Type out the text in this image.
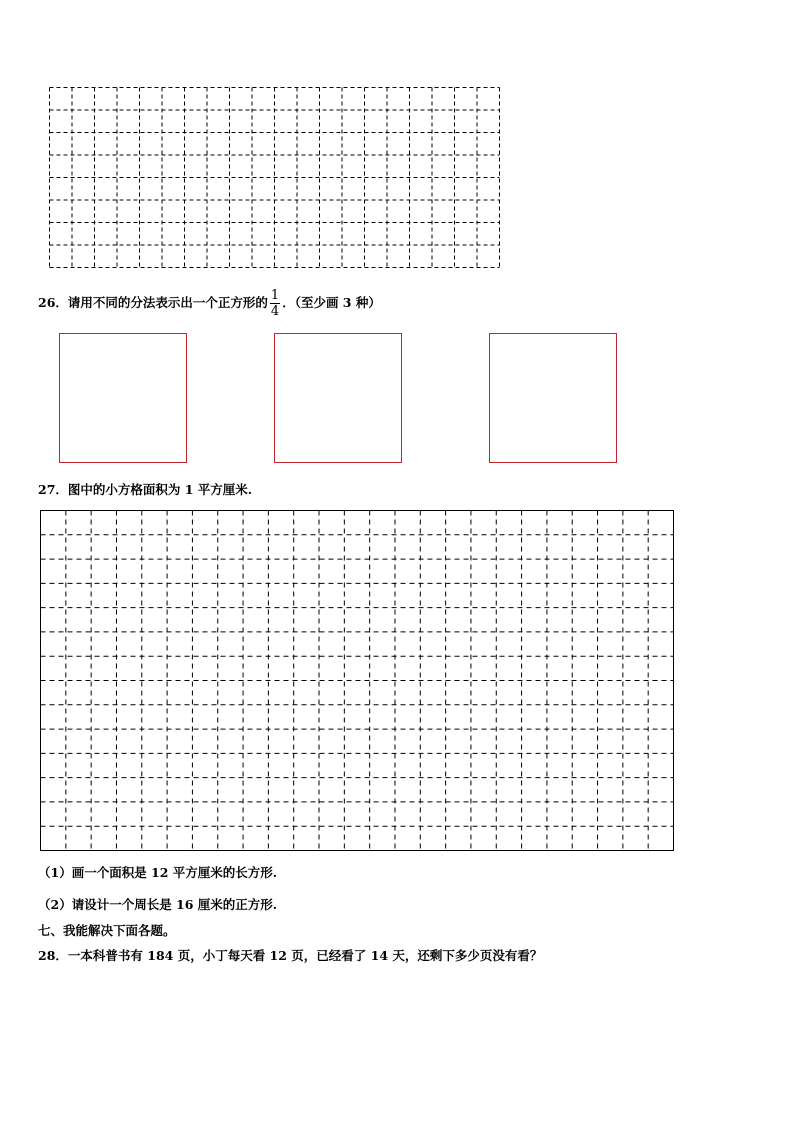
26．请用不同的分法表示出一个正方形的 $\frac{1}{4}$ ．（至少画 3 种）
27．图中的小方格面积为 1 平方厘米.
（1）画一个面积是 12 平方厘米的长方形.
（2）请设计一个周长是 16 厘米的正方形.
七、我能解决下面各题。
28．一本科普书有 184 页，小丁每天看 12 页，已经看了 14 天，还剩下多少页没有看？
